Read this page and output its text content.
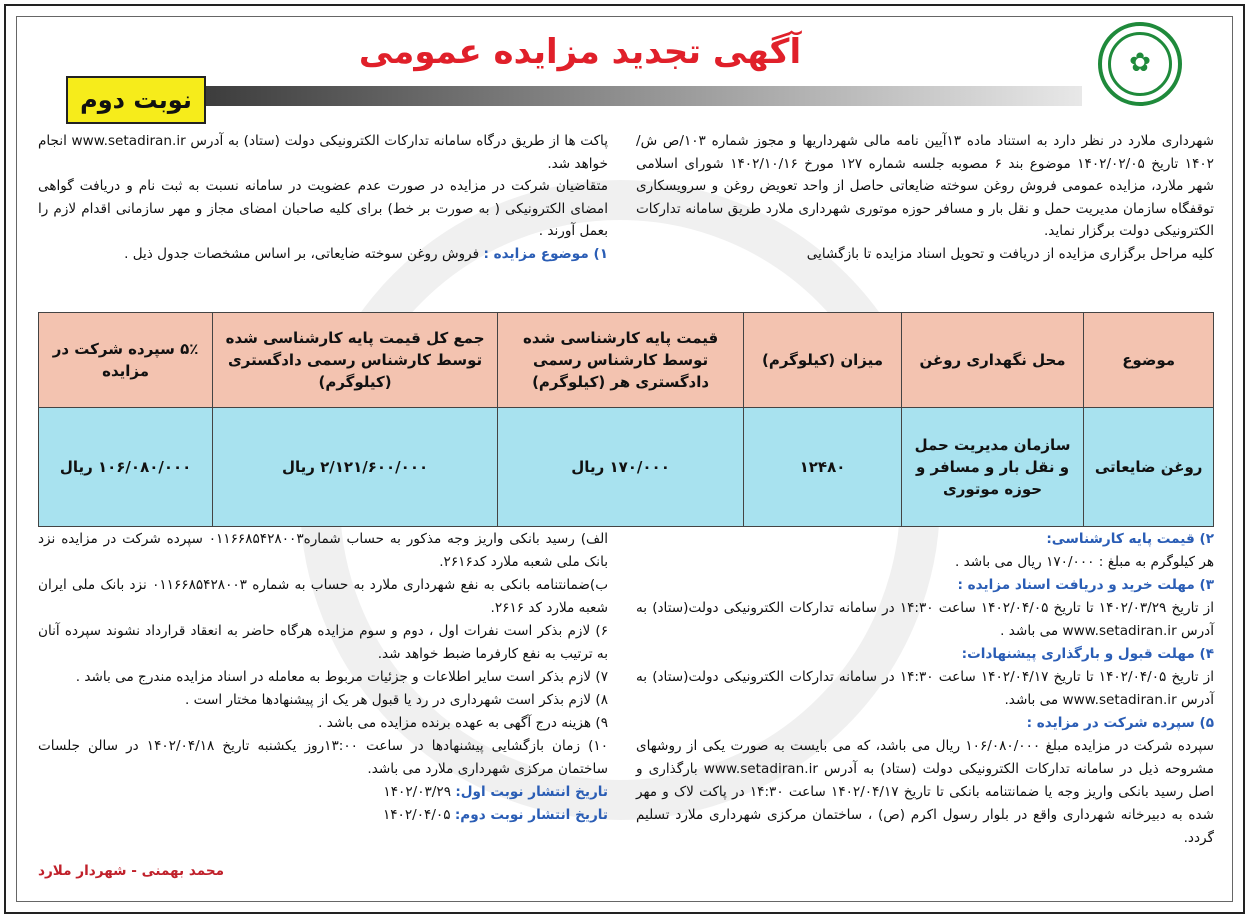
✿
آگهی تجدید مزایده عمومی
نوبت دوم

شهرداری ملارد در نظر دارد به استناد ماده ۱۳آیین نامه مالی شهرداریها و مجوز شماره ۱۰۳/ص ش/۱۴۰۲ تاریخ ۱۴۰۲/۰۲/۰۵ موضوع بند ۶ مصوبه جلسه شماره ۱۲۷ مورخ ۱۴۰۲/۱۰/۱۶ شورای اسلامی شهر ملارد، مزایده عمومی فروش روغن سوخته ضایعاتی حاصل از واحد تعویض روغن و سرویسکاری توقفگاه سازمان مدیریت حمل و نقل بار و مسافر حوزه موتوری شهرداری ملارد طریق سامانه تدارکات الکترونیکی دولت برگزار نماید.

کلیه مراحل برگزاری مزایده از دریافت و تحویل اسناد مزایده تا بازگشایی

پاکت ها از طریق درگاه سامانه تدارکات الکترونیکی دولت (ستاد) به آدرس www.setadiran.ir انجام خواهد شد.

متقاضیان شرکت در مزایده در صورت عدم عضویت در سامانه نسبت به ثبت نام و دریافت گواهی امضای الکترونیکی ( به صورت بر خط) برای کلیه صاحبان امضای مجاز و مهر سازمانی اقدام لازم را بعمل آورند .

۱) موضوع مزایده : فروش روغن سوخته ضایعاتی، بر اساس مشخصات جدول ذیل .

موضوع	محل نگهداری روغن	میزان (کیلوگرم)	قیمت پایه کارشناسی شده توسط کارشناس رسمی دادگستری هر (کیلوگرم)	جمع کل قیمت پایه کارشناسی شده توسط کارشناس رسمی دادگستری (کیلوگرم)	۵٪ سپرده شرکت در مزایده
روغن ضایعاتی	سازمان مدیریت حمل و نقل بار و مسافر و حوزه موتوری	۱۲۴۸۰	۱۷۰/۰۰۰ ریال	۲/۱۲۱/۶۰۰/۰۰۰ ریال	۱۰۶/۰۸۰/۰۰۰ ریال

۲) قیمت پایه کارشناسی:

هر کیلوگرم به مبلغ : ۱۷۰/۰۰۰ ریال می باشد .

۳) مهلت خرید و دریافت اسناد مزایده :

از تاریخ ۱۴۰۲/۰۳/۲۹ تا تاریخ ۱۴۰۲/۰۴/۰۵ ساعت ۱۴:۳۰ در سامانه تدارکات الکترونیکی دولت(ستاد) به آدرس www.setadiran.ir می باشد .

۴) مهلت قبول و بارگذاری پیشنهادات:

از تاریخ ۱۴۰۲/۰۴/۰۵ تا تاریخ ۱۴۰۲/۰۴/۱۷ ساعت ۱۴:۳۰ در سامانه تدارکات الکترونیکی دولت(ستاد) به آدرس www.setadiran.ir می باشد.

۵) سپرده شرکت در مزایده :

سپرده شرکت در مزایده مبلغ ۱۰۶/۰۸۰/۰۰۰ ریال می باشد، که می بایست به صورت یکی از روشهای مشروحه ذیل در سامانه تدارکات الکترونیکی دولت (ستاد) به آدرس www.setadiran.ir بارگذاری و اصل رسید بانکی واریز وجه یا ضمانتنامه بانکی تا تاریخ ۱۴۰۲/۰۴/۱۷ ساعت ۱۴:۳۰ در پاکت لاک و مهر شده به دبیرخانه شهرداری واقع در بلوار رسول اکرم (ص) ، ساختمان مرکزی شهرداری ملارد تسلیم گردد.

الف) رسید بانکی واریز وجه مذکور به حساب شماره۰۱۱۶۶۸۵۴۲۸۰۰۳ سپرده شرکت در مزایده نزد بانک ملی شعبه ملارد کد۲۶۱۶.

ب)ضمانتنامه بانکی به نفع شهرداری ملارد به حساب به شماره ۰۱۱۶۶۸۵۴۲۸۰۰۳ نزد بانک ملی ایران شعبه ملارد کد ۲۶۱۶.

۶) لازم بذکر است نفرات اول ، دوم و سوم مزایده هرگاه حاضر به انعقاد قرارداد نشوند سپرده آنان به ترتیب به نفع کارفرما ضبط خواهد شد.

۷) لازم بذکر است سایر اطلاعات و جزئیات مربوط به معامله در اسناد مزایده مندرج می باشد .

۸) لازم بذکر است شهرداری در رد یا قبول هر یک از پیشنهادها مختار است .

۹) هزینه درج آگهی به عهده برنده مزایده می باشد .

۱۰) زمان بازگشایی پیشنهادها در ساعت ۱۳:۰۰روز یکشنبه تاریخ ۱۴۰۲/۰۴/۱۸ در سالن جلسات ساختمان مرکزی شهرداری ملارد می باشد.

تاریخ انتشار نوبت اول: ۱۴۰۲/۰۳/۲۹

تاریخ انتشار نوبت دوم: ۱۴۰۲/۰۴/۰۵

محمد بهمنی - شهردار ملارد
